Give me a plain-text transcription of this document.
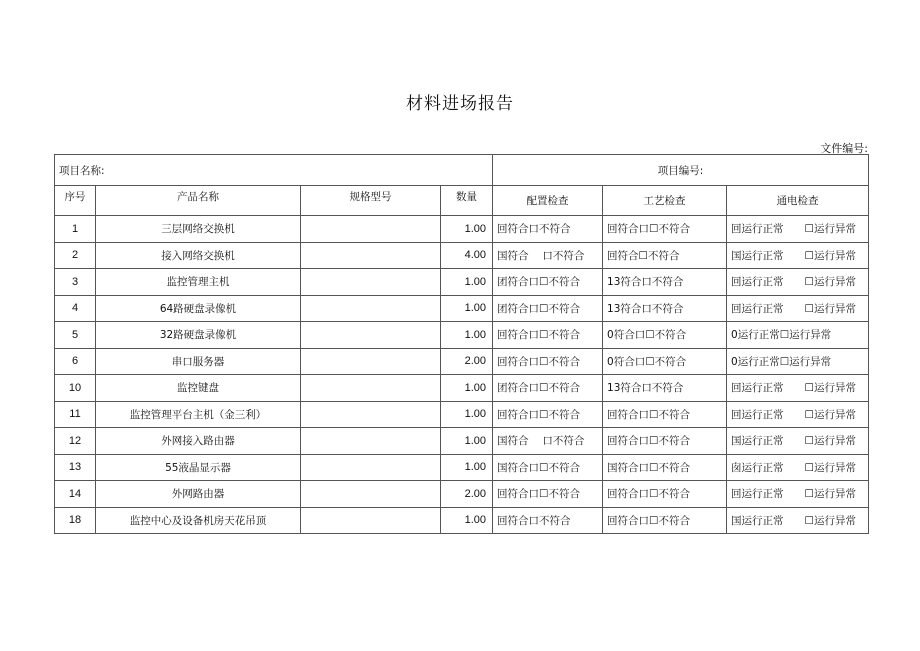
材料进场报告
文件编号:
项目名称:				项目编号:		
序号	产品名称	规格型号	数量	配置检查	工艺检查	通电检查
1	三层网络交换机		1.00	回符合口不符合	回符合口☐不符合	回运行正常　　☐运行异常
2	接入网络交换机		4.00	国符合　 口不符合	回符合☐不符合	国运行正常　　☐运行异常
3	监控管理主机		1.00	团符合口☐不符合	13符合口不符合	回运行正常　　☐运行异常
4	64路硬盘录像机		1.00	团符合口☐不符合	13符合口不符合	回运行正常　　☐运行异常
5	32路硬盘录像机		1.00	回符合口☐不符合	0符合口☐不符合	0运行正常☐运行异常
6	串口服务器		2.00	回符合口☐不符合	0符合口☐不符合	0运行正常☐运行异常
10	监控键盘		1.00	团符合口☐不符合	13符合口不符合	回运行正常　　☐运行异常
11	监控管理平台主机（金三利）		1.00	回符合口☐不符合	回符合口☐不符合	回运行正常　　☐运行异常
12	外网接入路由器		1.00	国符合　 口不符合	回符合口☐不符合	国运行正常　　☐运行异常
13	55液晶显示器		1.00	国符合口☐不符合	国符合口☐不符合	囱运行正常　　☐运行异常
14	外网路由器		2.00	回符合口☐不符合	回符合口☐不符合	回运行正常　　☐运行异常
18	监控中心及设备机房天花吊顶		1.00	回符合口不符合	回符合口☐不符合	国运行正常　　☐运行异常
